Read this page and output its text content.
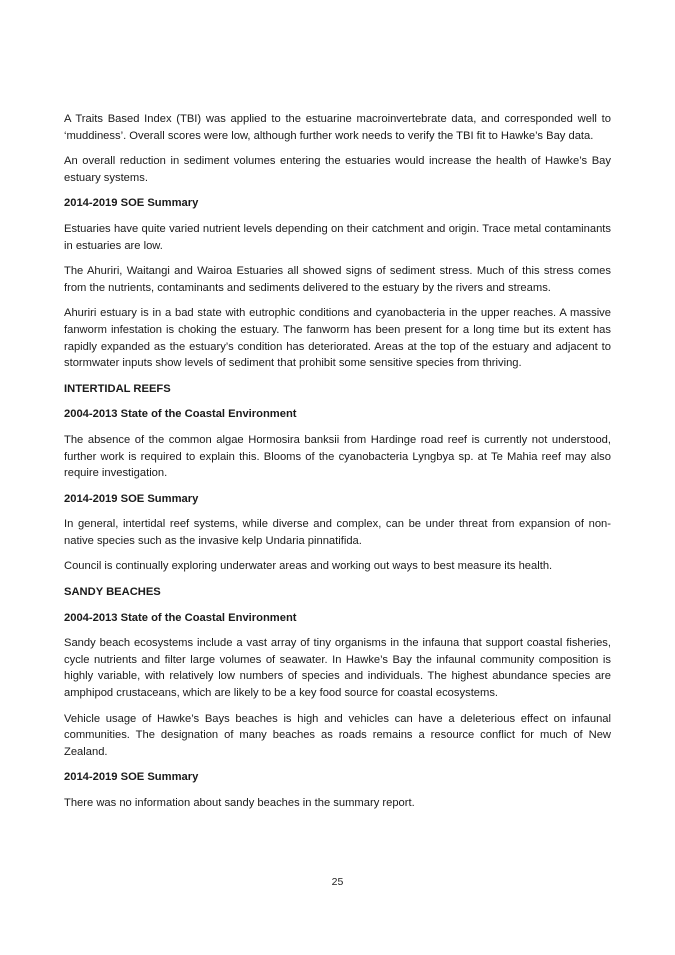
A Traits Based Index (TBI) was applied to the estuarine macroinvertebrate data, and corresponded well to ‘muddiness’. Overall scores were low, although further work needs to verify the TBI fit to Hawke’s Bay data.

An overall reduction in sediment volumes entering the estuaries would increase the health of Hawke’s Bay estuary systems.

2014-2019 SOE Summary

Estuaries have quite varied nutrient levels depending on their catchment and origin. Trace metal contaminants in estuaries are low.

The Ahuriri, Waitangi and Wairoa Estuaries all showed signs of sediment stress. Much of this stress comes from the nutrients, contaminants and sediments delivered to the estuary by the rivers and streams.

Ahuriri estuary is in a bad state with eutrophic conditions and cyanobacteria in the upper reaches. A massive fanworm infestation is choking the estuary. The fanworm has been present for a long time but its extent has rapidly expanded as the estuary’s condition has deteriorated. Areas at the top of the estuary and adjacent to stormwater inputs show levels of sediment that prohibit some sensitive species from thriving.

INTERTIDAL REEFS
2004-2013 State of the Coastal Environment

The absence of the common algae Hormosira banksii from Hardinge road reef is currently not understood, further work is required to explain this. Blooms of the cyanobacteria Lyngbya sp. at Te Mahia reef may also require investigation.

2014-2019 SOE Summary

In general, intertidal reef systems, while diverse and complex, can be under threat from expansion of non-native species such as the invasive kelp Undaria pinnatifida.

Council is continually exploring underwater areas and working out ways to best measure its health.

SANDY BEACHES
2004-2013 State of the Coastal Environment

Sandy beach ecosystems include a vast array of tiny organisms in the infauna that support coastal fisheries, cycle nutrients and filter large volumes of seawater. In Hawke’s Bay the infaunal community composition is highly variable, with relatively low numbers of species and individuals. The highest abundance species are amphipod crustaceans, which are likely to be a key food source for coastal ecosystems.

Vehicle usage of Hawke’s Bays beaches is high and vehicles can have a deleterious effect on infaunal communities. The designation of many beaches as roads remains a resource conflict for much of New Zealand.

2014-2019 SOE Summary

There was no information about sandy beaches in the summary report.

25
